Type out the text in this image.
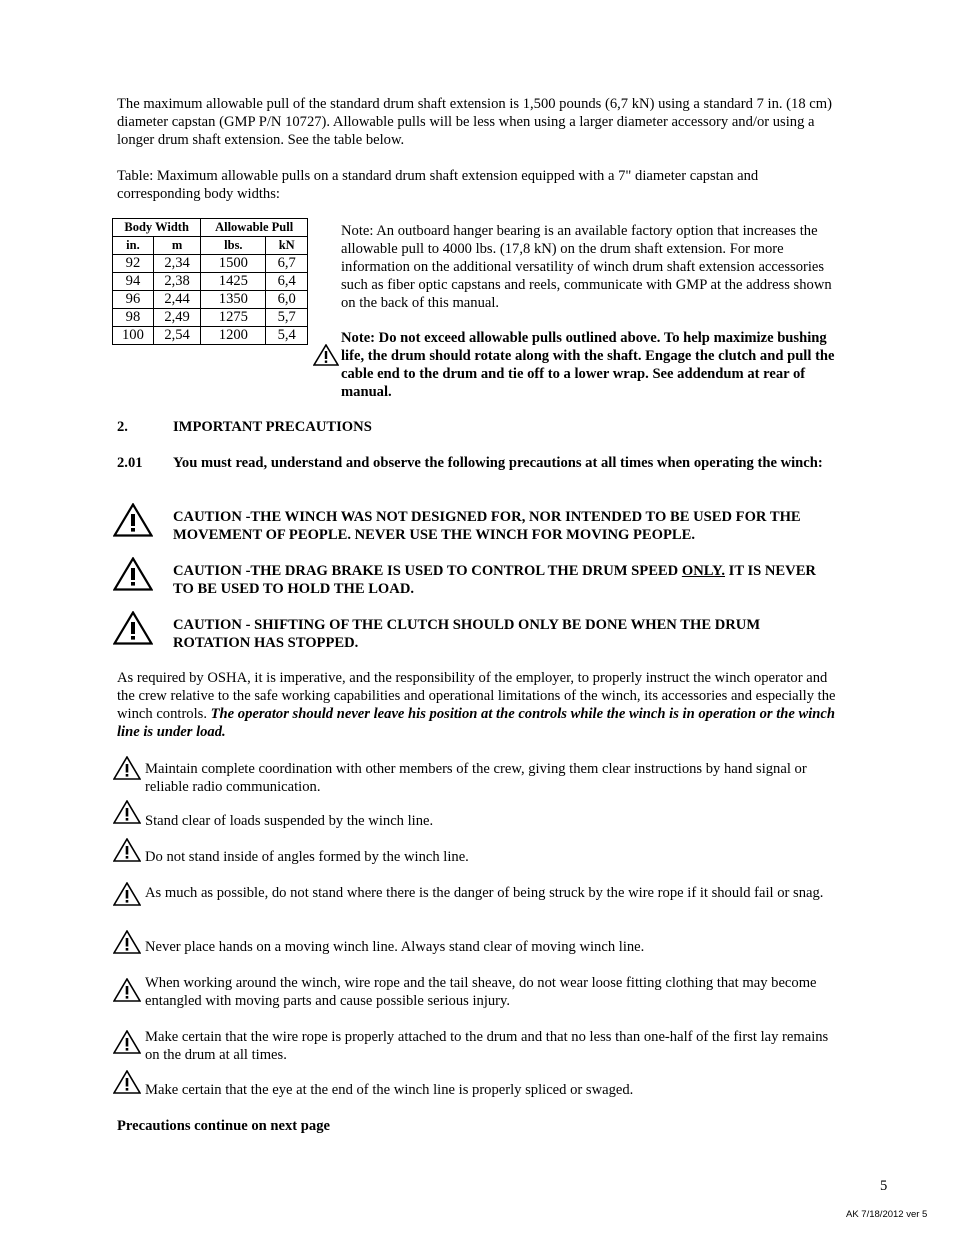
The maximum allowable pull of the standard drum shaft extension is 1,500 pounds (6,7 kN) using a standard 7 in. (18 cm) diameter capstan (GMP P/N 10727). Allowable pulls will be less when using a larger diameter accessory and/or using a longer drum shaft extension. See the table below.

Table: Maximum allowable pulls on a standard drum shaft extension equipped with a 7" diameter capstan and corresponding body widths:

Body Width		Allowable Pull	
in.	m	lbs.	kN
92	2,34	1500	6,7
94	2,38	1425	6,4
96	2,44	1350	6,0
98	2,49	1275	5,7
100	2,54	1200	5,4

Note: An outboard hanger bearing is an available factory option that increases the allowable pull to 4000 lbs. (17,8 kN) on the drum shaft extension. For more information on the additional versatility of winch drum shaft extension accessories such as fiber optic capstans and reels, communicate with GMP at the address shown on the back of this manual.

Note: Do not exceed allowable pulls outlined above. To help maximize bushing life, the drum should rotate along with the shaft. Engage the clutch and pull the cable end to the drum and tie off to a lower wrap. See addendum at rear of manual.

2.	IMPORTANT PRECAUTIONS

2.01	You must read, understand and observe the following precautions at all times when operating the winch:

CAUTION -THE WINCH WAS NOT DESIGNED FOR, NOR INTENDED TO BE USED FOR THE MOVEMENT OF PEOPLE. NEVER USE THE WINCH FOR MOVING PEOPLE.

CAUTION -THE DRAG BRAKE IS USED TO CONTROL THE DRUM SPEED ONLY. IT IS NEVER TO BE USED TO HOLD THE LOAD.

CAUTION - SHIFTING OF THE CLUTCH SHOULD ONLY BE DONE WHEN THE DRUM ROTATION HAS STOPPED.

As required by OSHA, it is imperative, and the responsibility of the employer, to properly instruct the winch operator and the crew relative to the safe working capabilities and operational limitations of the winch, its accessories and especially the winch controls. The operator should never leave his position at the controls while the winch is in operation or the winch line is under load.

Maintain complete coordination with other members of the crew, giving them clear instructions by hand signal or reliable radio communication.

Stand clear of loads suspended by the winch line.

Do not stand inside of angles formed by the winch line.

As much as possible, do not stand where there is the danger of being struck by the wire rope if it should fail or snag.

Never place hands on a moving winch line. Always stand clear of moving winch line.

When working around the winch, wire rope and the tail sheave, do not wear loose fitting clothing that may become entangled with moving parts and cause possible serious injury.

Make certain that the wire rope is properly attached to the drum and that no less than one-half of the first lay remains on the drum at all times.

Make certain that the eye at the end of the winch line is properly spliced or swaged.

Precautions continue on next page

5

AK 7/18/2012 ver 5
